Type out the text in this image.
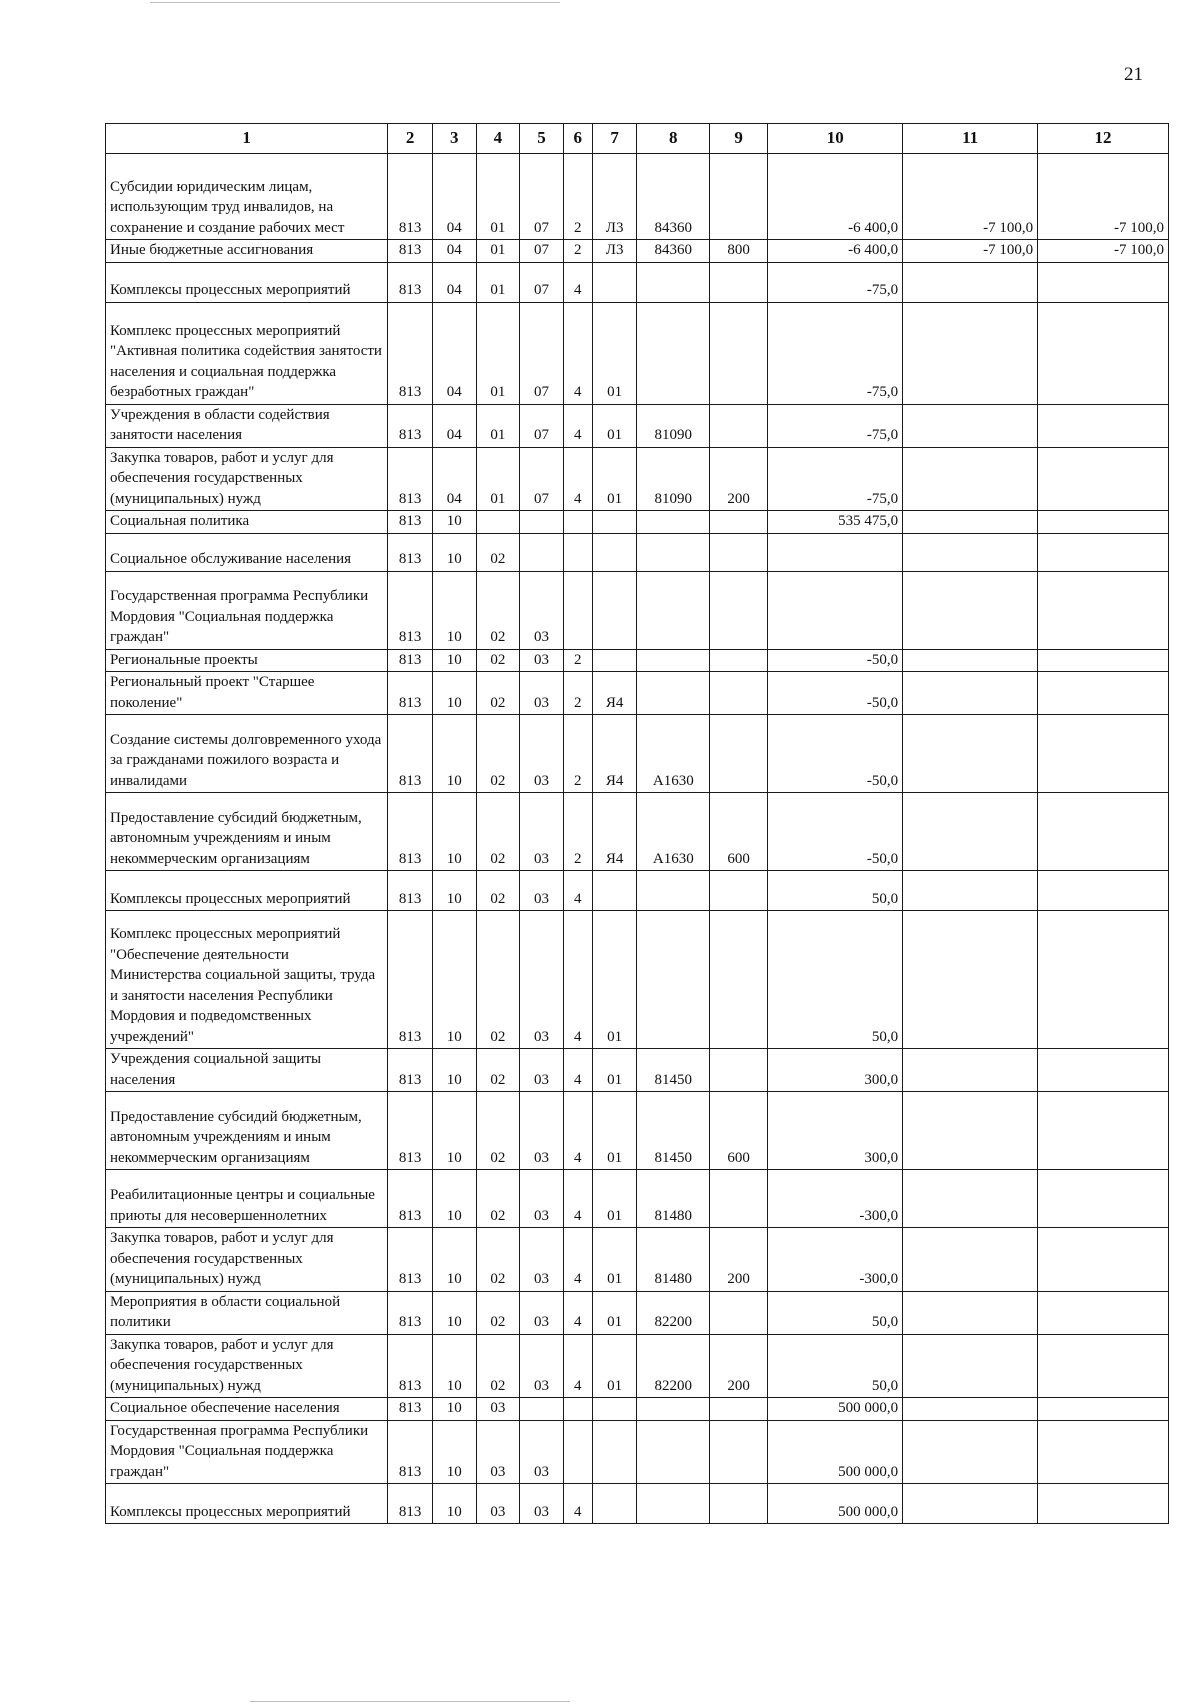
21
1	2	3	4	5	6	7	8	9	10	11	12
Субсидии юридическим лицам, использующим труд инвалидов, на сохранение и создание рабочих мест	813	04	01	07	2	Л3	84360		-6 400,0	-7 100,0	-7 100,0
Иные бюджетные ассигнования	813	04	01	07	2	Л3	84360	800	-6 400,0	-7 100,0	-7 100,0
Комплексы процессных мероприятий	813	04	01	07	4				-75,0		
Комплекс процессных мероприятий "Активная политика содействия занятости населения и социальная поддержка безработных граждан"	813	04	01	07	4	01			-75,0		
Учреждения в области содействия занятости населения	813	04	01	07	4	01	81090		-75,0		
Закупка товаров, работ и услуг для обеспечения государственных (муниципальных) нужд	813	04	01	07	4	01	81090	200	-75,0		
Социальная политика	813	10							535 475,0		
Социальное обслуживание населения	813	10	02								
Государственная программа Республики Мордовия "Социальная поддержка граждан"	813	10	02	03							
Региональные проекты	813	10	02	03	2				-50,0		
Региональный проект "Старшее поколение"	813	10	02	03	2	Я4			-50,0		
Создание системы долговременного ухода за гражданами пожилого возраста и инвалидами	813	10	02	03	2	Я4	А1630		-50,0		
Предоставление субсидий бюджетным, автономным учреждениям и иным некоммерческим организациям	813	10	02	03	2	Я4	А1630	600	-50,0		
Комплексы процессных мероприятий	813	10	02	03	4				50,0		
Комплекс процессных мероприятий "Обеспечение деятельности Министерства социальной защиты, труда и занятости населения Республики Мордовия и подведомственных учреждений"	813	10	02	03	4	01			50,0		
Учреждения социальной защиты населения	813	10	02	03	4	01	81450		300,0		
Предоставление субсидий бюджетным, автономным учреждениям и иным некоммерческим организациям	813	10	02	03	4	01	81450	600	300,0		
Реабилитационные центры и социальные приюты для несовершеннолетних	813	10	02	03	4	01	81480		-300,0		
Закупка товаров, работ и услуг для обеспечения государственных (муниципальных) нужд	813	10	02	03	4	01	81480	200	-300,0		
Мероприятия в области социальной политики	813	10	02	03	4	01	82200		50,0		
Закупка товаров, работ и услуг для обеспечения государственных (муниципальных) нужд	813	10	02	03	4	01	82200	200	50,0		
Социальное обеспечение населения	813	10	03						500 000,0		
Государственная программа Республики Мордовия "Социальная поддержка граждан"	813	10	03	03					500 000,0		
Комплексы процессных мероприятий	813	10	03	03	4				500 000,0		
